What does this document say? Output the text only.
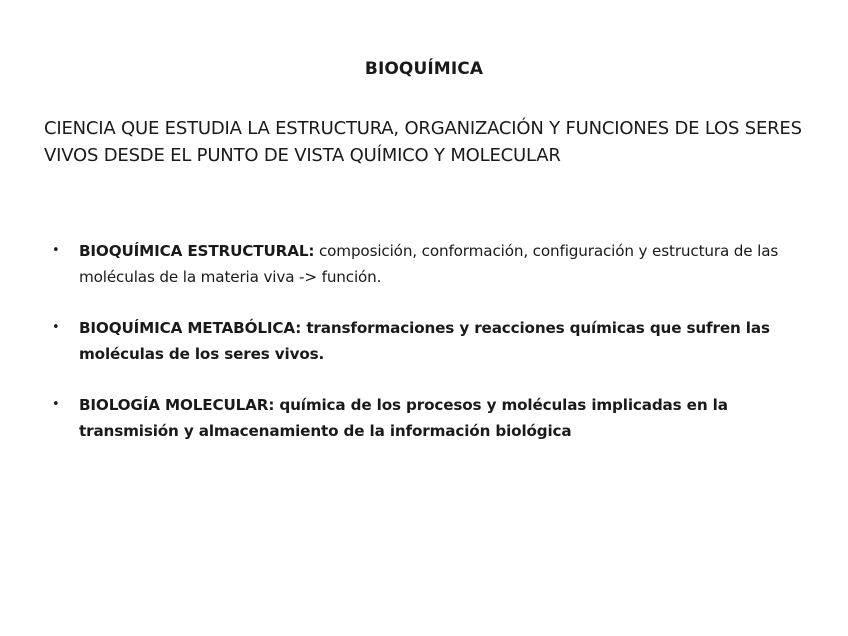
BIOQUÍMICA
CIENCIA QUE ESTUDIA LA ESTRUCTURA, ORGANIZACIÓN Y FUNCIONES DE LOS SERES VIVOS DESDE EL PUNTO DE VISTA QUÍMICO Y MOLECULAR
• BIOQUÍMICA ESTRUCTURAL: composición, conformación, configuración y estructura de las moléculas de la materia viva -> función.
• BIOQUÍMICA METABÓLICA: transformaciones y reacciones químicas que sufren las moléculas de los seres vivos.
• BIOLOGÍA MOLECULAR: química de los procesos y moléculas implicadas en la transmisión y almacenamiento de la información biológica
